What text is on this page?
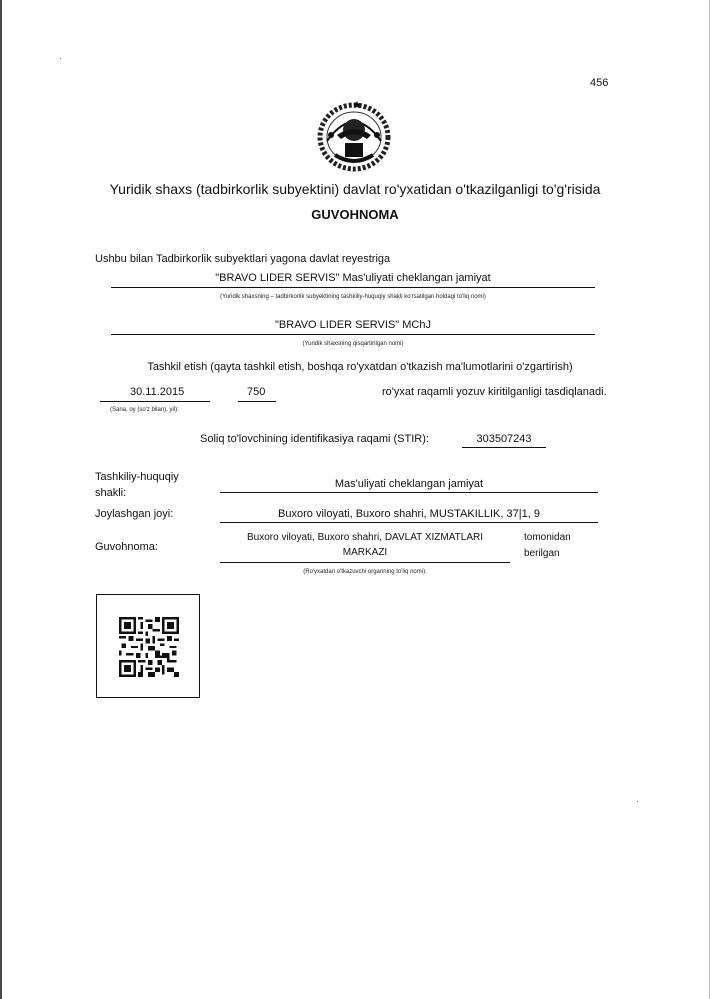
456
Yuridik shaxs (tadbirkorlik subyektini) davlat ro'yxatidan o'tkazilganligi to'g'risida
GUVOHNOMA
Ushbu bilan Tadbirkorlik subyektlari yagona davlat reyestriga
"BRAVO LIDER SERVIS" Mas'uliyati cheklangan jamiyat
(Yuridik shaxsning – tadbirkorlik subyektining tashkiliy-huquqiy shakli ko'rsatilgan holdagi to'liq nomi)
"BRAVO LIDER SERVIS" MChJ
(Yuridik shaxsning qisqartirilgan nomi)
Tashkil etish (qayta tashkil etish, boshqa ro'yxatdan o'tkazish ma'lumotlarini o'zgartirish)
30.11.2015	750	ro'yxat raqamli yozuv kiritilganligi tasdiqlanadi.
(Sana, oy (so'z bilan), yil):
Soliq to'lovchining identifikasiya raqami (STIR):	303507243
Tashkiliy-huquqiy
shakli:
Mas'uliyati cheklangan jamiyat
Joylashgan joyi:	Buxoro viloyati, Buxoro shahri, MUSTAKILLIK, 37|1, 9
Guvohnoma:
Buxoro viloyati, Buxoro shahri, DAVLAT XIZMATLARI
MARKAZI
tomonidan
berilgan
(Ro'yxatdan o'tkazuvchi organning to'liq nomi):
